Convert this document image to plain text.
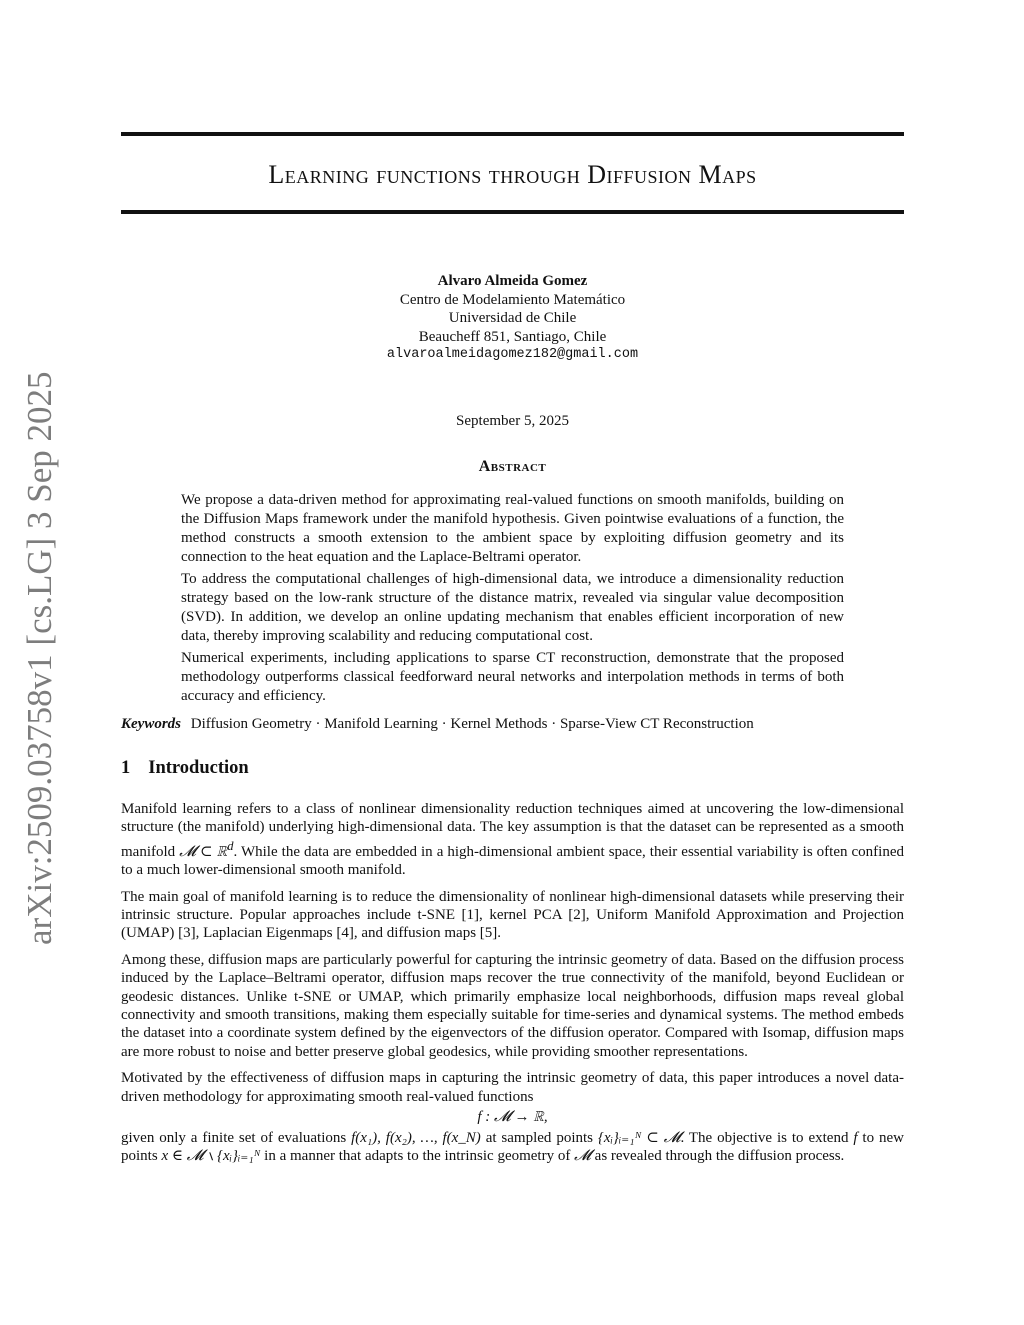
arXiv:2509.03758v1 [cs.LG] 3 Sep 2025
Learning functions through Diffusion Maps
Alvaro Almeida Gomez
Centro de Modelamiento Matemático
Universidad de Chile
Beaucheff 851, Santiago, Chile
alvaroalmeidagomez182@gmail.com
September 5, 2025
Abstract

We propose a data-driven method for approximating real-valued functions on smooth manifolds, building on the Diffusion Maps framework under the manifold hypothesis. Given pointwise evaluations of a function, the method constructs a smooth extension to the ambient space by exploiting diffusion geometry and its connection to the heat equation and the Laplace-Beltrami operator.

To address the computational challenges of high-dimensional data, we introduce a dimensionality reduction strategy based on the low-rank structure of the distance matrix, revealed via singular value decomposition (SVD). In addition, we develop an online updating mechanism that enables efficient incorporation of new data, thereby improving scalability and reducing computational cost.

Numerical experiments, including applications to sparse CT reconstruction, demonstrate that the proposed methodology outperforms classical feedforward neural networks and interpolation methods in terms of both accuracy and efficiency.

Keywords Diffusion Geometry · Manifold Learning · Kernel Methods · Sparse-View CT Reconstruction
1 Introduction

Manifold learning refers to a class of nonlinear dimensionality reduction techniques aimed at uncovering the low-dimensional structure (the manifold) underlying high-dimensional data. The key assumption is that the dataset can be represented as a smooth manifold 𝓜 ⊂ ℝ$^d$. While the data are embedded in a high-dimensional ambient space, their essential variability is often confined to a much lower-dimensional smooth manifold.

The main goal of manifold learning is to reduce the dimensionality of nonlinear high-dimensional datasets while preserving their intrinsic structure. Popular approaches include t-SNE [1], kernel PCA [2], Uniform Manifold Approximation and Projection (UMAP) [3], Laplacian Eigenmaps [4], and diffusion maps [5].

Among these, diffusion maps are particularly powerful for capturing the intrinsic geometry of data. Based on the diffusion process induced by the Laplace–Beltrami operator, diffusion maps recover the true connectivity of the manifold, beyond Euclidean or geodesic distances. Unlike t-SNE or UMAP, which primarily emphasize local neighborhoods, diffusion maps reveal global connectivity and smooth transitions, making them especially suitable for time-series and dynamical systems. The method embeds the dataset into a coordinate system defined by the eigenvectors of the diffusion operator. Compared with Isomap, diffusion maps are more robust to noise and better preserve global geodesics, while providing smoother representations.

Motivated by the effectiveness of diffusion maps in capturing the intrinsic geometry of data, this paper introduces a novel data-driven methodology for approximating smooth real-valued functions

f : 𝓜 → ℝ,

given only a finite set of evaluations f(x₁), f(x₂), …, f(x_N) at sampled points {xᵢ}ᵢ₌₁ᴺ ⊂ 𝓜. The objective is to extend f to new points x ∈ 𝓜 ∖ {xᵢ}ᵢ₌₁ᴺ in a manner that adapts to the intrinsic geometry of 𝓜 as revealed through the diffusion process.
